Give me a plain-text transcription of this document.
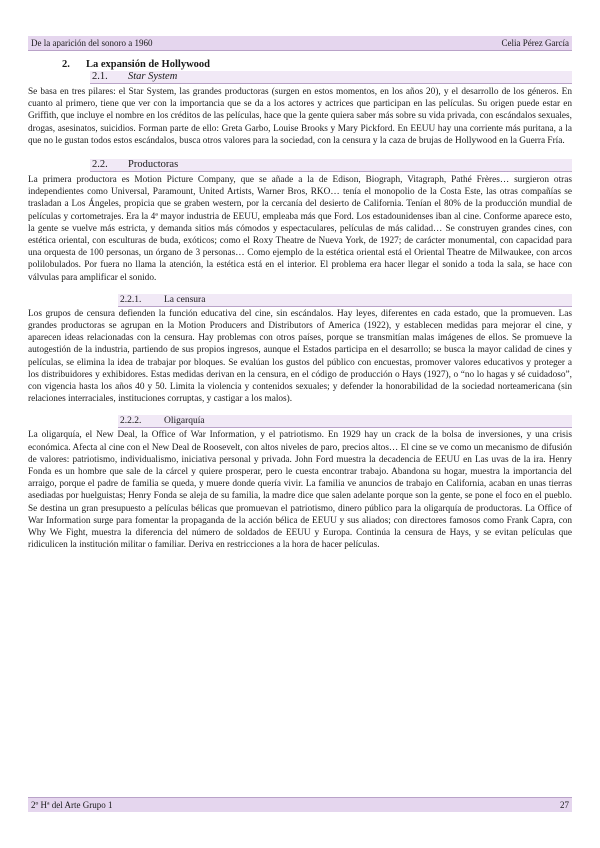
De la aparición del sonoro a 1960	Celia Pérez García
2. La expansión de Hollywood
2.1. Star System

Se basa en tres pilares: el Star System, las grandes productoras (surgen en estos momentos, en los años 20), y el desarrollo de los géneros. En cuanto al primero, tiene que ver con la importancia que se da a los actores y actrices que participan en las películas. Su origen puede estar en Griffith, que incluye el nombre en los créditos de las películas, hace que la gente quiera saber más sobre su vida privada, con escándalos sexuales, drogas, asesinatos, suicidios. Forman parte de ello: Greta Garbo, Louise Brooks y Mary Pickford. En EEUU hay una corriente más puritana, a la que no le gustan todos estos escándalos, busca otros valores para la sociedad, con la censura y la caza de brujas de Hollywood en la Guerra Fría.

2.2. Productoras

La primera productora es Motion Picture Company, que se añade a la de Edison, Biograph, Vitagraph, Pathé Frères… surgieron otras independientes como Universal, Paramount, United Artists, Warner Bros, RKO… tenía el monopolio de la Costa Este, las otras compañías se trasladan a Los Ángeles, propicia que se graben western, por la cercanía del desierto de California. Tenían el 80% de la producción mundial de películas y cortometrajes. Era la 4ª mayor industria de EEUU, empleaba más que Ford. Los estadounidenses iban al cine. Conforme aparece esto, la gente se vuelve más estricta, y demanda sitios más cómodos y espectaculares, películas de más calidad… Se construyen grandes cines, con estética oriental, con esculturas de buda, exóticos; como el Roxy Theatre de Nueva York, de 1927; de carácter monumental, con capacidad para una orquesta de 100 personas, un órgano de 3 personas… Como ejemplo de la estética oriental está el Oriental Theatre de Milwaukee, con arcos polilobulados. Por fuera no llama la atención, la estética está en el interior. El problema era hacer llegar el sonido a toda la sala, se hace con válvulas para amplificar el sonido.

2.2.1. La censura

Los grupos de censura defienden la función educativa del cine, sin escándalos. Hay leyes, diferentes en cada estado, que la promueven. Las grandes productoras se agrupan en la Motion Producers and Distributors of America (1922), y establecen medidas para mejorar el cine, y aparecen ideas relacionadas con la censura. Hay problemas con otros países, porque se transmitían malas imágenes de ellos. Se promueve la autogestión de la industria, partiendo de sus propios ingresos, aunque el Estados participa en el desarrollo; se busca la mayor calidad de cines y películas, se elimina la idea de trabajar por bloques. Se evalúan los gustos del público con encuestas, promover valores educativos y proteger a los distribuidores y exhibidores. Estas medidas derivan en la censura, en el código de producción o Hays (1927), o “no lo hagas y sé cuidadoso”, con vigencia hasta los años 40 y 50. Limita la violencia y contenidos sexuales; y defender la honorabilidad de la sociedad norteamericana (sin relaciones interraciales, instituciones corruptas, y castigar a los malos).

2.2.2. Oligarquía

La oligarquía, el New Deal, la Office of War Information, y el patriotismo. En 1929 hay un crack de la bolsa de inversiones, y una crisis económica. Afecta al cine con el New Deal de Roosevelt, con altos niveles de paro, precios altos… El cine se ve como un mecanismo de difusión de valores: patriotismo, individualismo, iniciativa personal y privada. John Ford muestra la decadencia de EEUU en Las uvas de la ira. Henry Fonda es un hombre que sale de la cárcel y quiere prosperar, pero le cuesta encontrar trabajo. Abandona su hogar, muestra la importancia del arraigo, porque el padre de familia se queda, y muere donde quería vivir. La familia ve anuncios de trabajo en California, acaban en unas tierras asediadas por huelguistas; Henry Fonda se aleja de su familia, la madre dice que salen adelante porque son la gente, se pone el foco en el pueblo. Se destina un gran presupuesto a películas bélicas que promuevan el patriotismo, dinero público para la oligarquía de productoras. La Office of War Information surge para fomentar la propaganda de la acción bélica de EEUU y sus aliados; con directores famosos como Frank Capra, con Why We Fight, muestra la diferencia del número de soldados de EEUU y Europa. Continúa la censura de Hays, y se evitan películas que ridiculicen la institución militar o familiar. Deriva en restricciones a la hora de hacer películas.

2º Hª del Arte Grupo 1	27
